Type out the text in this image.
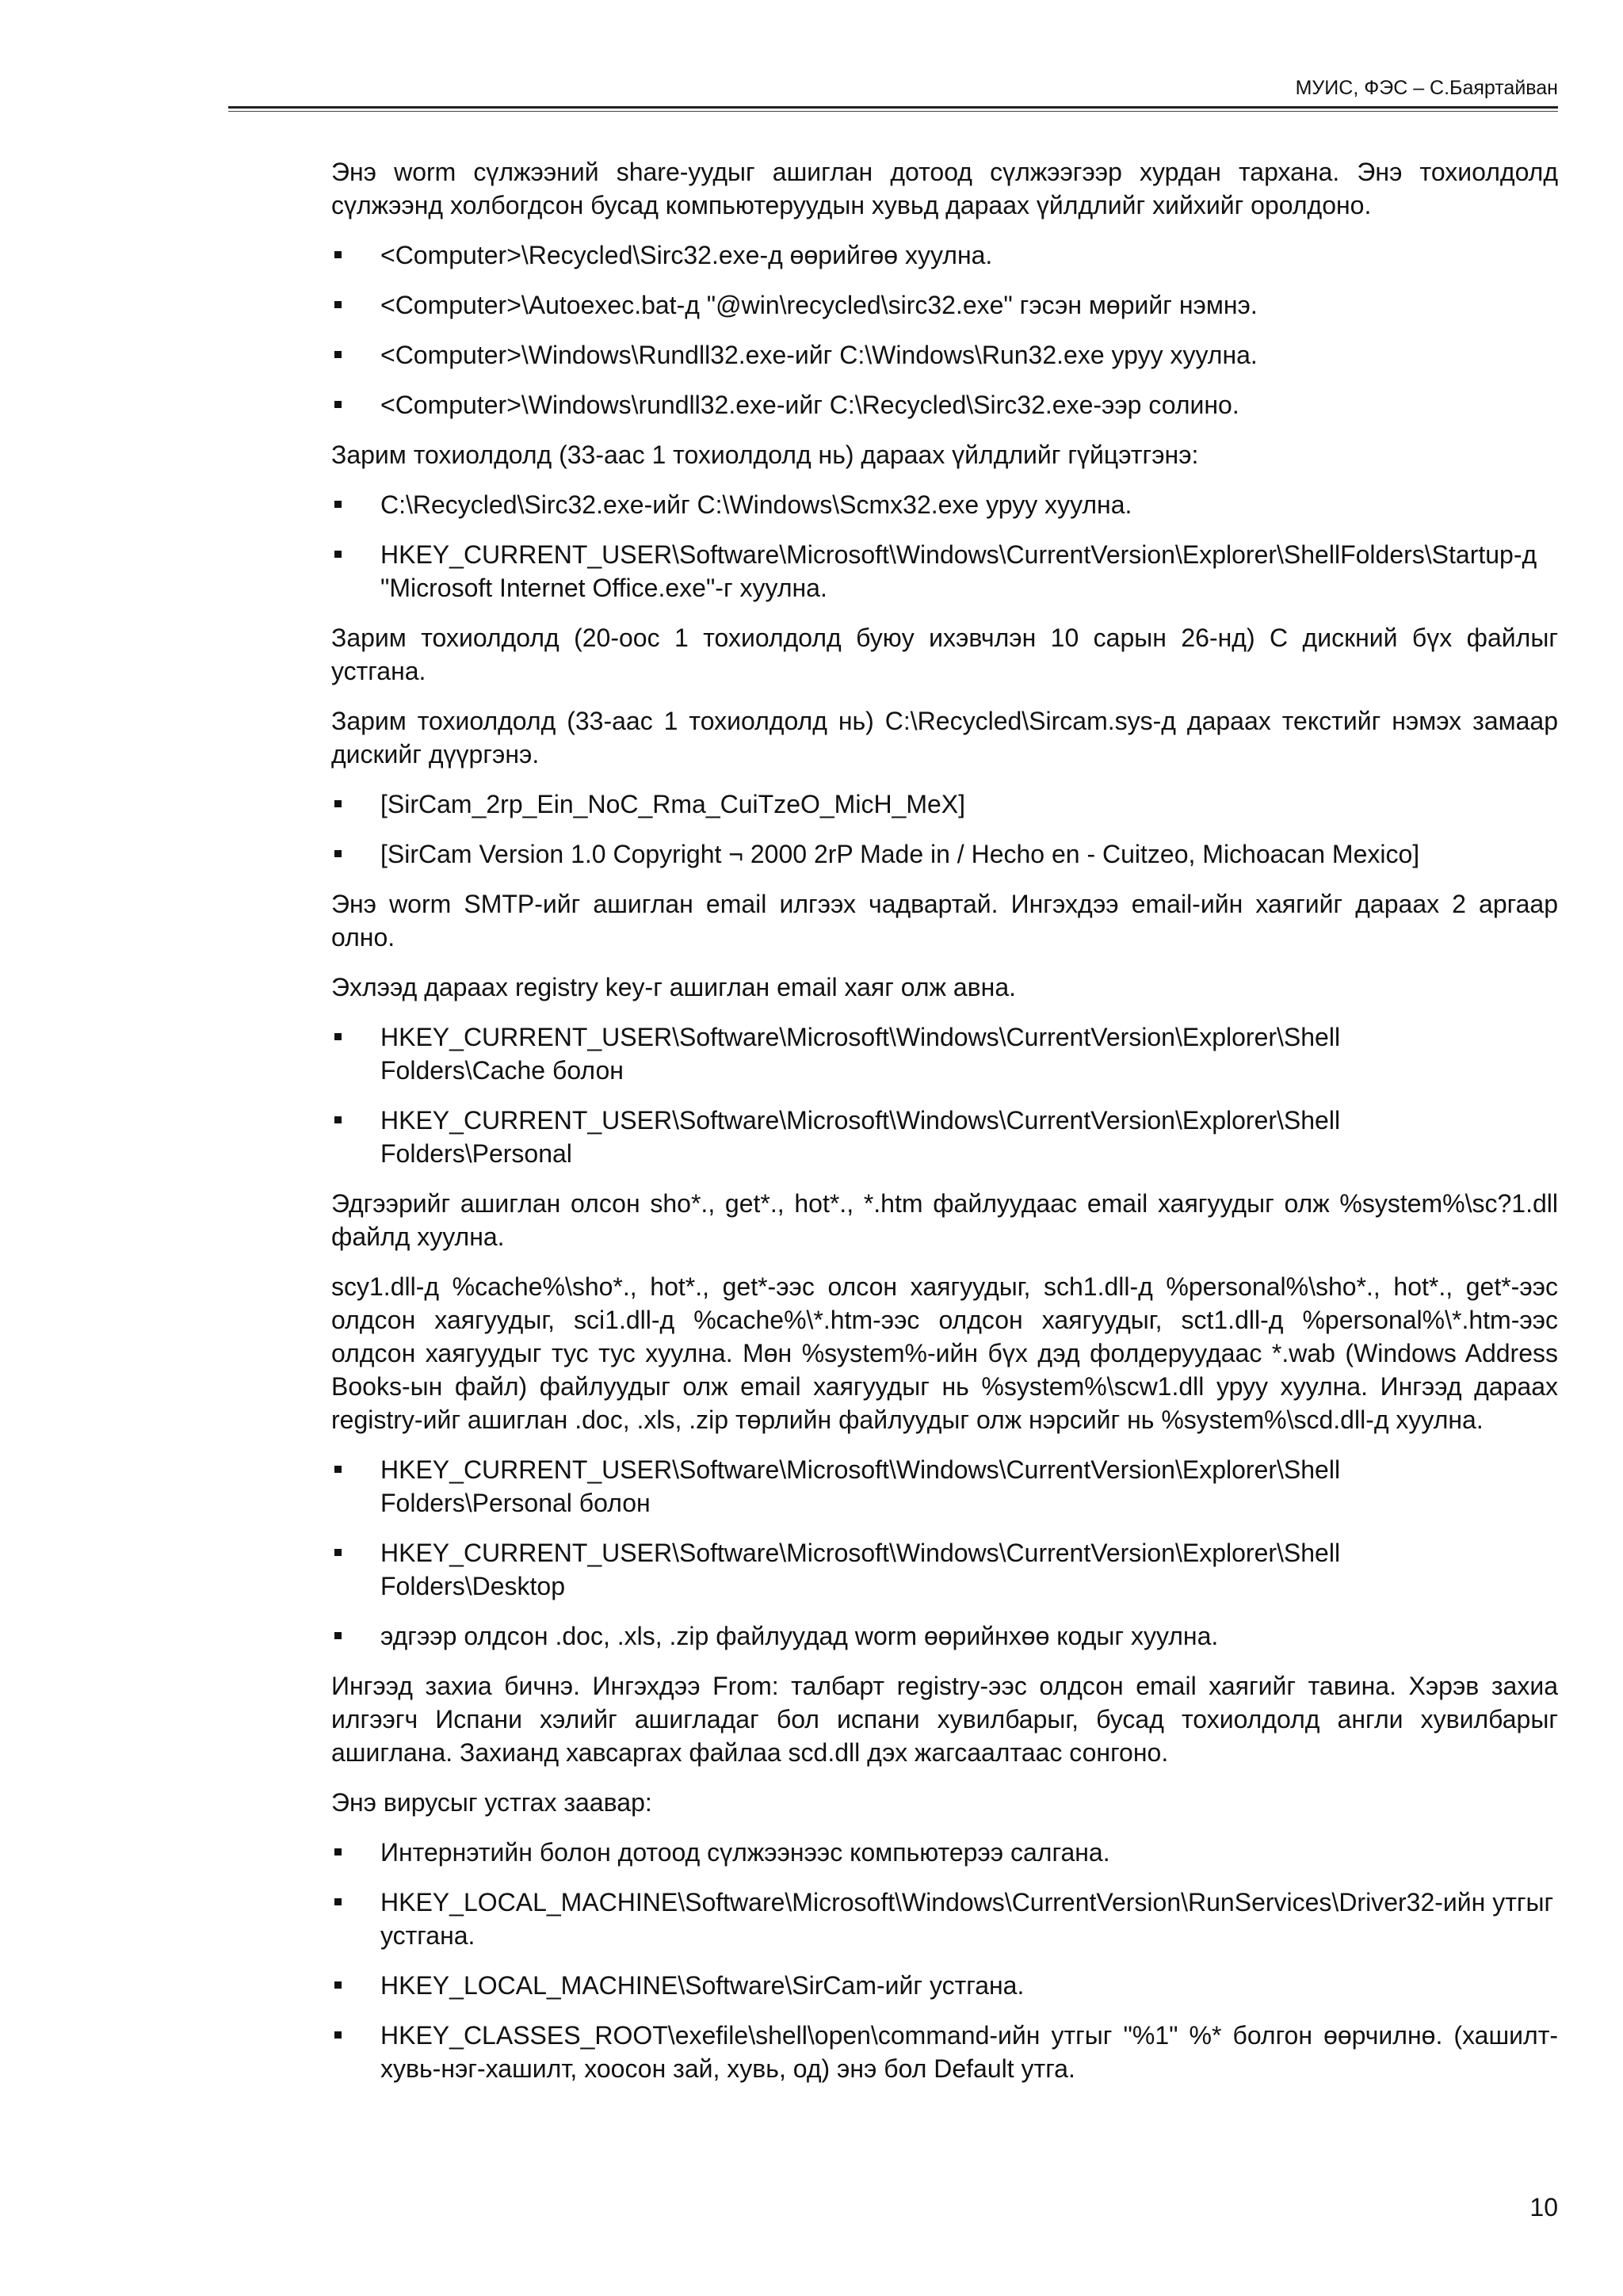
МУИС, ФЭС – С.Баяртайван
Энэ worm сүлжээний share-уудыг ашиглан дотоод сүлжээгээр хурдан тархана. Энэ тохиолдолд сүлжээнд холбогдсон бусад компьютеруудын хувьд дараах үйлдлийг хийхийг оролдоно.
<Computer>\Recycled\Sirc32.exe-д өөрийгөө хуулна.
<Computer>\Autoexec.bat-д "@win\recycled\sirc32.exe" гэсэн мөрийг нэмнэ.
<Computer>\Windows\Rundll32.exe-ийг C:\Windows\Run32.exe уруу хуулна.
<Computer>\Windows\rundll32.exe-ийг C:\Recycled\Sirc32.exe-ээр солино.
Зарим тохиолдолд (33-аас 1 тохиолдолд нь) дараах үйлдлийг гүйцэтгэнэ:
C:\Recycled\Sirc32.exe-ийг C:\Windows\Scmx32.exe уруу хуулна.
HKEY_CURRENT_USER\Software\Microsoft\Windows\CurrentVersion\Explorer\ShellFolders\Startup-д "Microsoft Internet Office.exe"-г хуулна.
Зарим тохиолдолд (20-оос 1 тохиолдолд буюу ихэвчлэн 10 сарын 26-нд) C дискний бүх файлыг устгана.
Зарим тохиолдолд (33-аас 1 тохиолдолд нь) C:\Recycled\Sircam.sys-д дараах текстийг нэмэх замаар дискийг дүүргэнэ.
[SirCam_2rp_Ein_NoC_Rma_CuiTzeO_MicH_MeX]
[SirCam Version 1.0 Copyright ¬ 2000 2rP Made in / Hecho en - Cuitzeo, Michoacan Mexico]
Энэ worm SMTP-ийг ашиглан email илгээх чадвартай. Ингэхдээ email-ийн хаягийг дараах 2 аргаар олно.
Эхлээд дараах registry key-г ашиглан email хаяг олж авна.
HKEY_CURRENT_USER\Software\Microsoft\Windows\CurrentVersion\Explorer\Shell Folders\Cache болон
HKEY_CURRENT_USER\Software\Microsoft\Windows\CurrentVersion\Explorer\Shell Folders\Personal
Эдгээрийг ашиглан олсон sho*., get*., hot*., *.htm файлуудаас email хаягуудыг олж %system%\sc?1.dll файлд хуулна.
scy1.dll-д %cache%\sho*., hot*., get*-ээс олсон хаягуудыг, sch1.dll-д %personal%\sho*., hot*., get*-ээс олдсон хаягуудыг, sci1.dll-д %cache%\*.htm-ээс олдсон хаягуудыг, sct1.dll-д %personal%\*.htm-ээс олдсон хаягуудыг тус тус хуулна. Мөн %system%-ийн бүх дэд фолдеруудаас *.wab (Windows Address Books-ын файл) файлуудыг олж email хаягуудыг нь %system%\scw1.dll уруу хуулна. Ингээд дараах registry-ийг ашиглан .doc, .xls, .zip төрлийн файлуудыг олж нэрсийг нь %system%\scd.dll-д хуулна.
HKEY_CURRENT_USER\Software\Microsoft\Windows\CurrentVersion\Explorer\Shell Folders\Personal болон
HKEY_CURRENT_USER\Software\Microsoft\Windows\CurrentVersion\Explorer\Shell Folders\Desktop
эдгээр олдсон .doc, .xls, .zip файлуудад worm өөрийнхөө кодыг хуулна.
Ингээд захиа бичнэ. Ингэхдээ From: талбарт registry-ээс олдсон email хаягийг тавина. Хэрэв захиа илгээгч Испани хэлийг ашигладаг бол испани хувилбарыг, бусад тохиолдолд англи хувилбарыг ашиглана. Захианд хавсаргах файлаа scd.dll дэх жагсаалтаас сонгоно.
Энэ вирусыг устгах заавар:
Интернэтийн болон дотоод сүлжээнээс компьютерээ салгана.
HKEY_LOCAL_MACHINE\Software\Microsoft\Windows\CurrentVersion\RunServices\Driver32-ийн утгыг устгана.
HKEY_LOCAL_MACHINE\Software\SirCam-ийг устгана.
HKEY_CLASSES_ROOT\exefile\shell\open\command-ийн утгыг "%1" %* болгон өөрчилнө. (хашилт-хувь-нэг-хашилт, хоосон зай, хувь, од) энэ бол Default утга.
10
